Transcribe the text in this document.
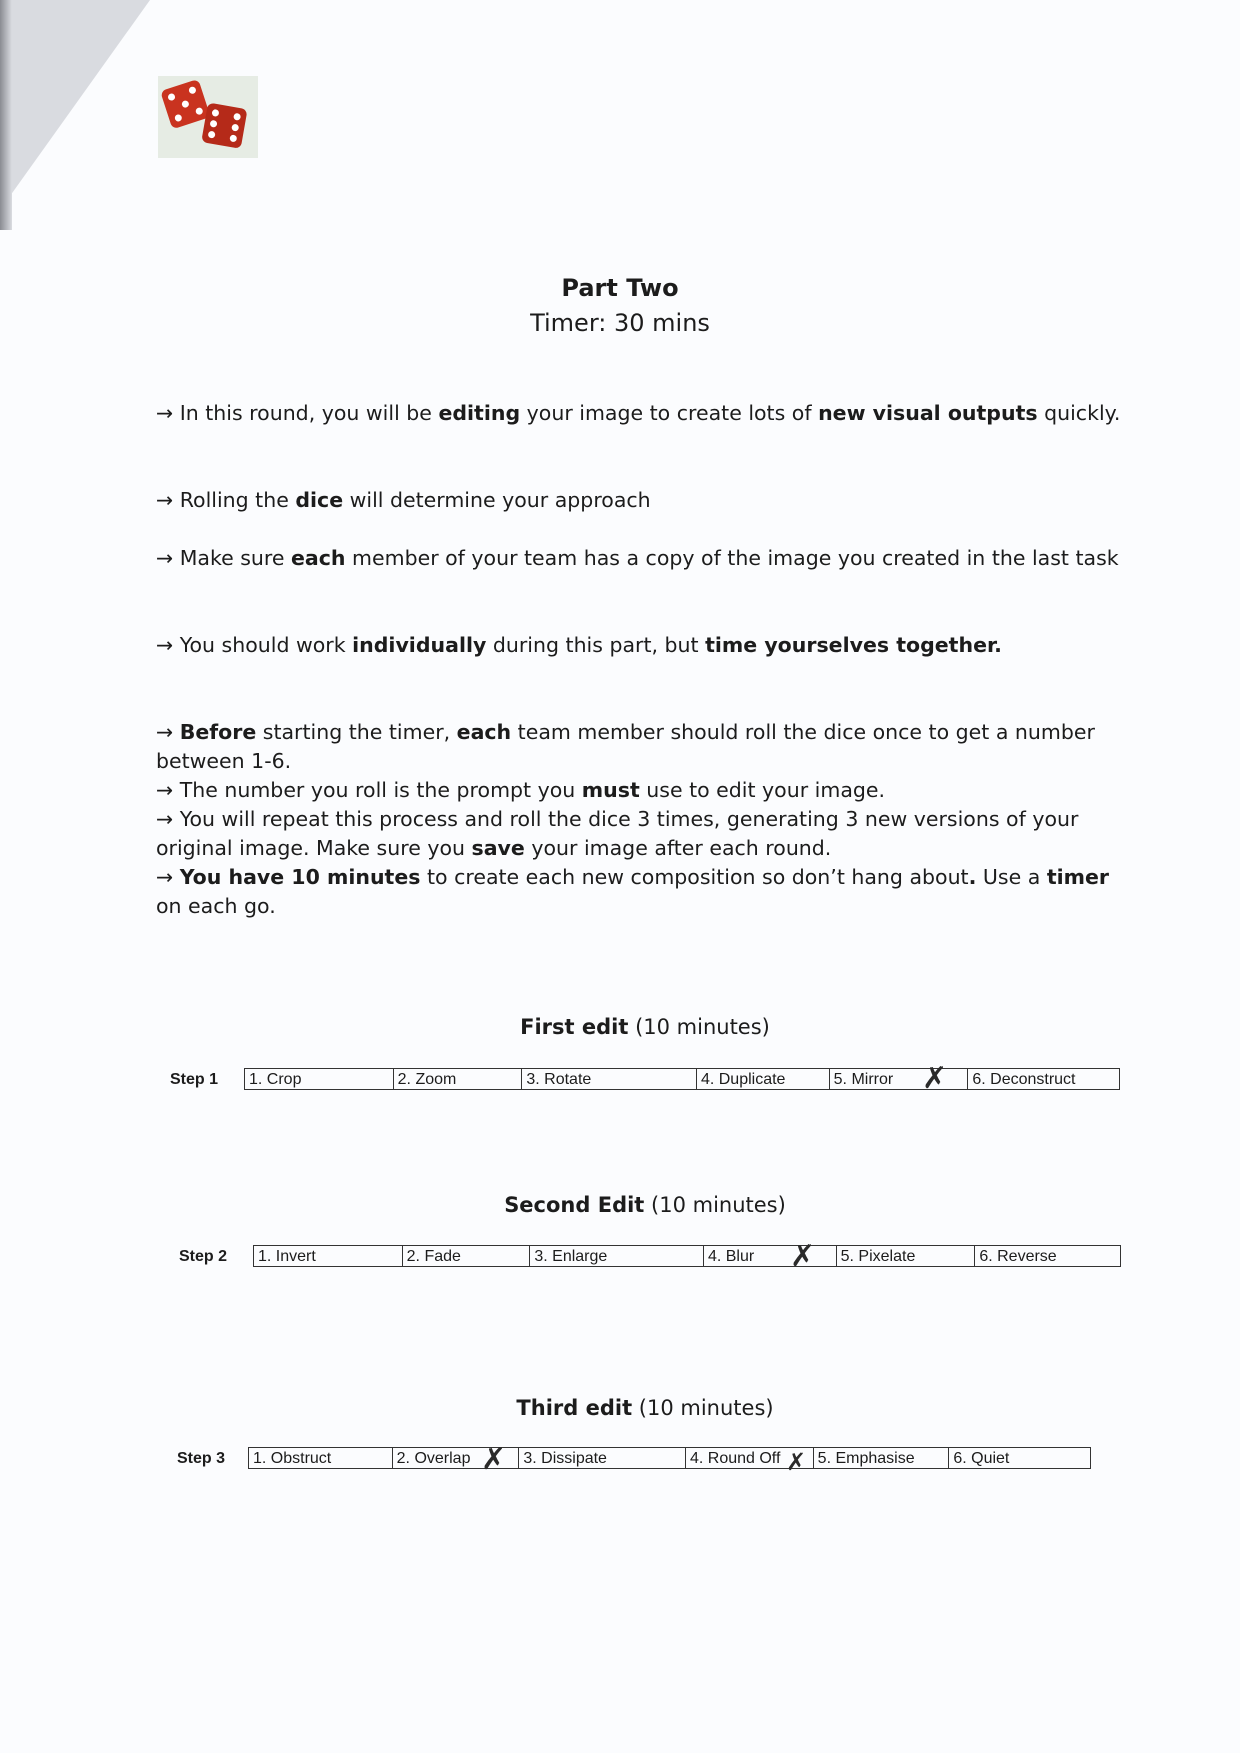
Part Two
Timer: 30 mins
→ In this round, you will be editing your image to create lots of new visual outputs quickly.
→ Rolling the dice will determine your approach
→ Make sure each member of your team has a copy of the image you created in the last task
→ You should work individually during this part, but time yourselves together.
→ Before starting the timer, each team member should roll the dice once to get a number between 1-6.
→ The number you roll is the prompt you must use to edit your image.
→ You will repeat this process and roll the dice 3 times, generating 3 new versions of your original image. Make sure you save your image after each round.
→ You have 10 minutes to create each new composition so don’t hang about. Use a timer on each go.
First edit (10 minutes)
Step 1 1. Crop	2. Zoom	3. Rotate	4. Duplicate	5. Mirror	6. Deconstruct
✗
Second Edit (10 minutes)
Step 2 1. Invert	2. Fade	3. Enlarge	4. Blur	5. Pixelate	6. Reverse
✗
Third edit (10 minutes)
Step 3 1. Obstruct	2. Overlap	3. Dissipate	4. Round Off	5. Emphasise	6. Quiet
✗	✗
